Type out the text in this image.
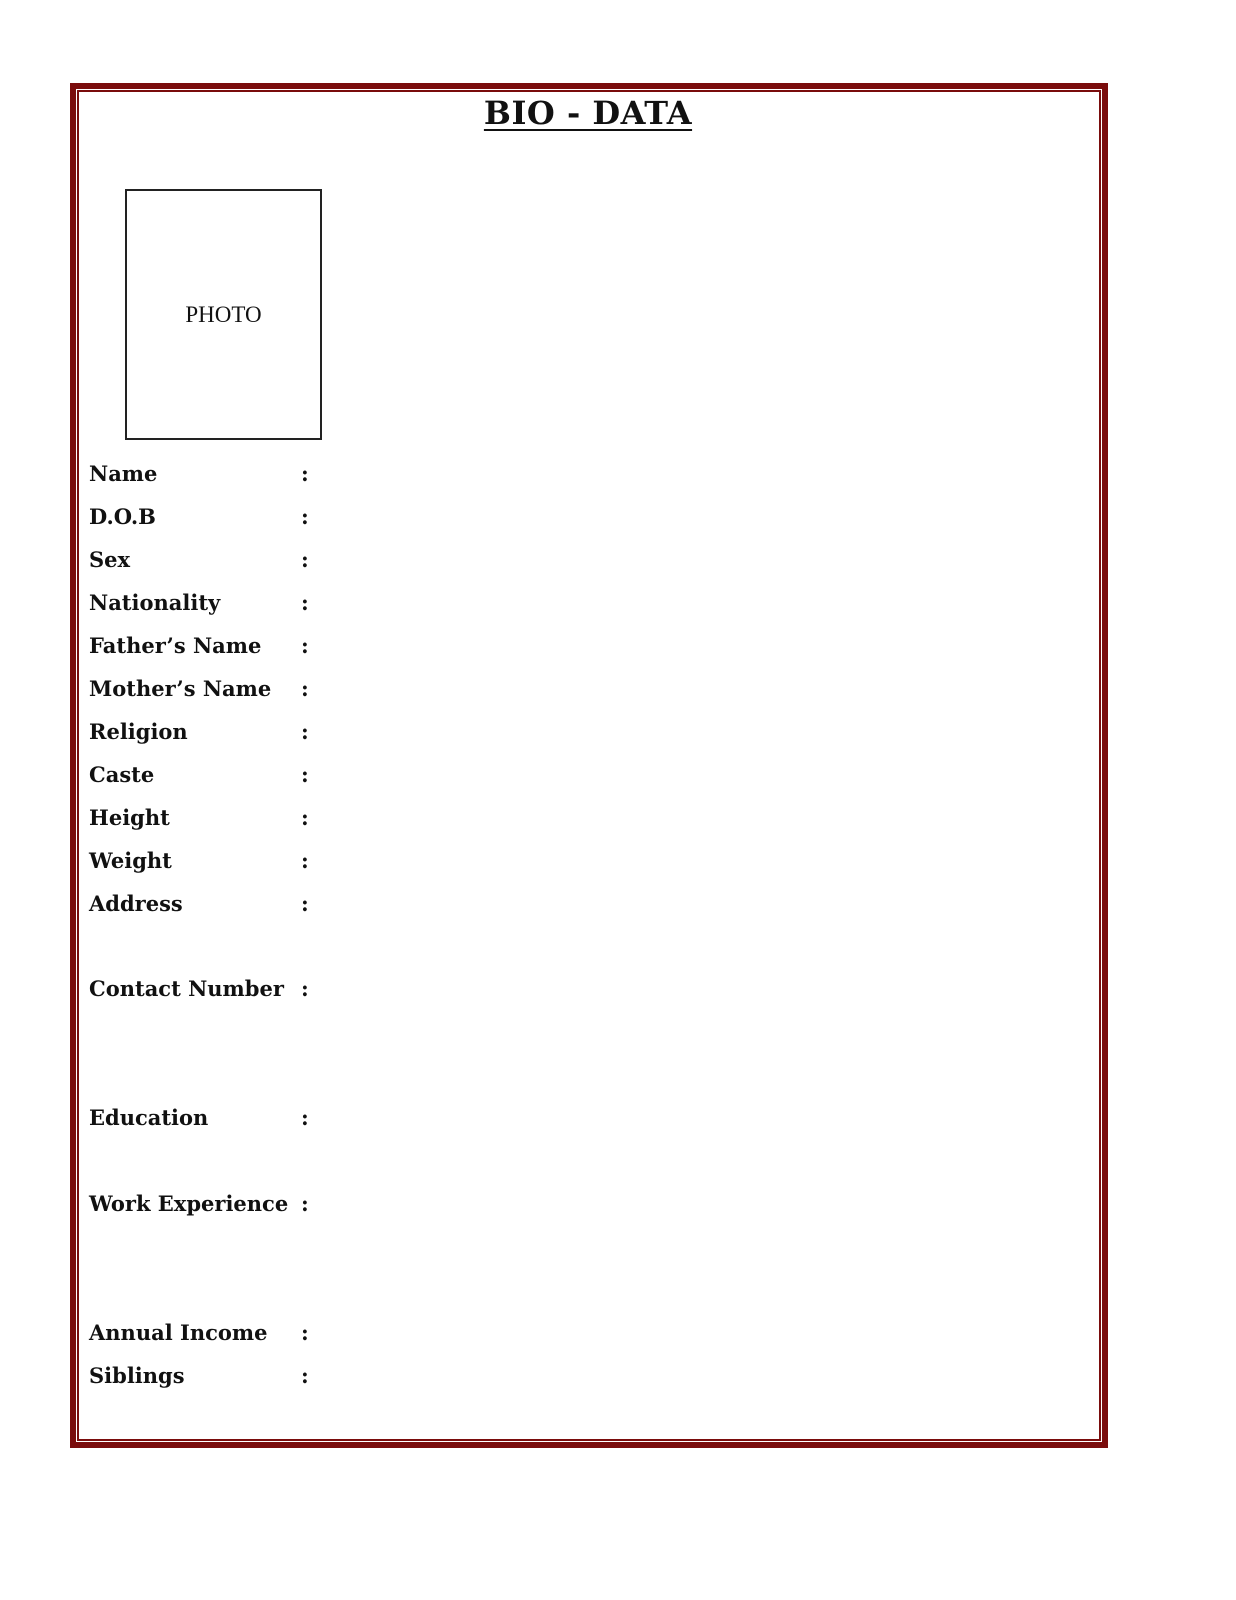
BIO - DATA
PHOTO
Name	:
D.O.B	:
Sex	:
Nationality	:
Father’s Name :
Mother’s Name :
Religion	:
Caste	:
Height	:
Weight	:
Address	:
Contact Number :
Education	:
Work Experience :
Annual Income :
Siblings	:
